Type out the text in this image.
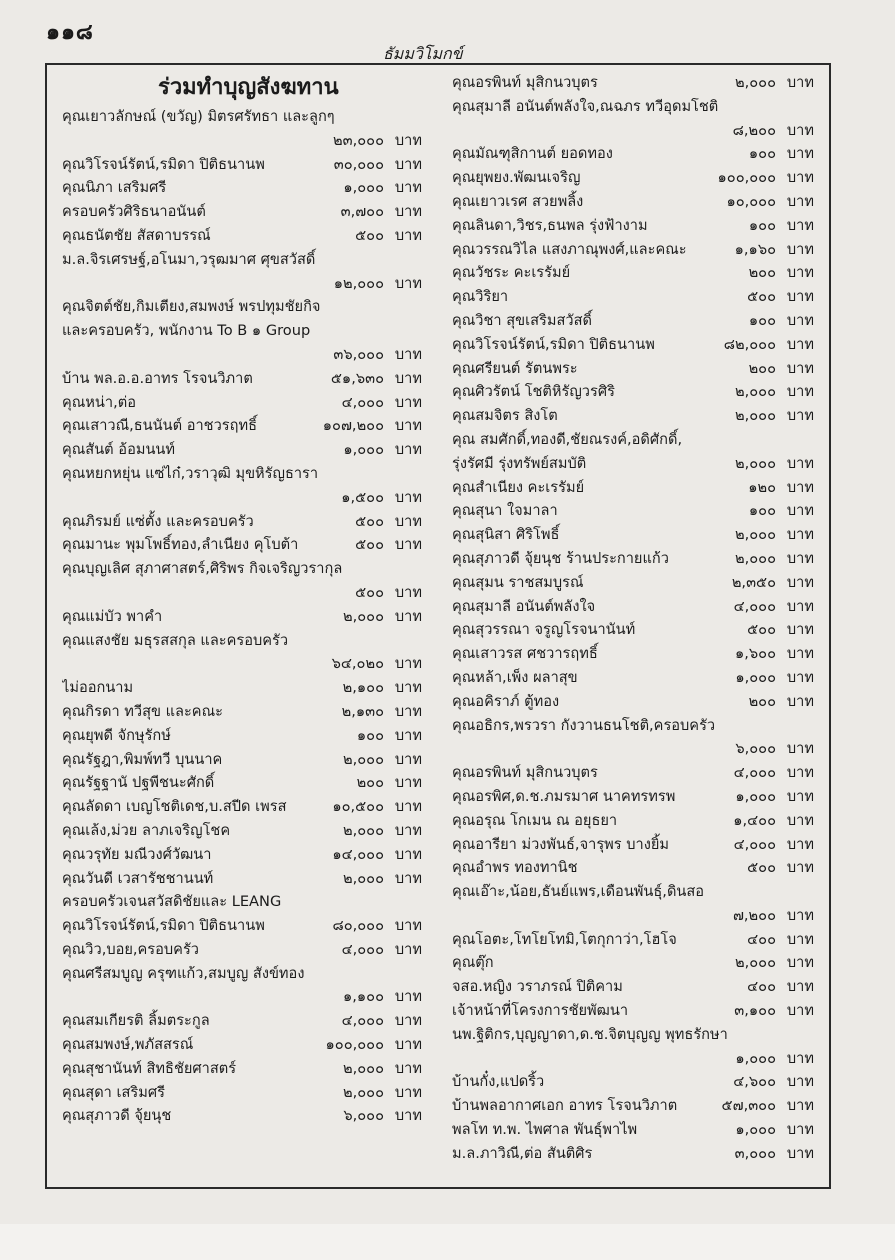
๑๑๘
ธัมมวิโมกข์
ร่วมทำบุญสังฆทาน
คุณเยาวลักษณ์ (ขวัญ) มิตรศรัทธา และลูกๆ
๒๓,๐๐๐ บาท
คุณวิโรจน์รัตน์,รมิดา ปิติธนานพ	๓๐,๐๐๐ บาท
คุณนิภา เสริมศรี	๑,๐๐๐ บาท
ครอบครัวศิริธนาอนันต์	๓,๗๐๐ บาท
คุณธนัตชัย สัสดาบรรณ์	๕๐๐ บาท
ม.ล.จิรเศรษฐ์,อโนมา,วรุฒมาศ ศุขสวัสดิ์
๑๒,๐๐๐ บาท
คุณจิตต์ชัย,กิมเตียง,สมพงษ์ พรปทุมชัยกิจ
และครอบครัว, พนักงาน To B ๑ Group
๓๖,๐๐๐ บาท
บ้าน พล.อ.อ.อาทร โรจนวิภาต	๕๑,๖๓๐ บาท
คุณหน่า,ต่อ	๔,๐๐๐ บาท
คุณเสาวณี,ธนนันต์ อาชวรฤทธิ์	๑๐๗,๒๐๐ บาท
คุณสันต์ อ้อมนนท์	๑,๐๐๐ บาท
คุณหยกหยุ่น แซ่ไก๋,วราวุฒิ มุขหิรัญธารา
๑,๕๐๐ บาท
คุณภิรมย์ แซ่ตั้ง และครอบครัว	๕๐๐ บาท
คุณมานะ พุมโพธิ์ทอง,ลำเนียง คุโบต้า	๕๐๐ บาท
คุณบุญเลิศ สุภาศาสตร์,ศิริพร กิจเจริญวรากุล
๕๐๐ บาท
คุณแม่บัว พาคำ	๒,๐๐๐ บาท
คุณแสงชัย มธุรสสกุล และครอบครัว
๖๔,๐๒๐ บาท
ไม่ออกนาม	๒,๑๐๐ บาท
คุณกิรดา ทวีสุข และคณะ	๒,๑๓๐ บาท
คุณยุพดี จักษุรักษ์	๑๐๐ บาท
คุณรัฐฎา,พิมพ์ทวี บุนนาค	๒,๐๐๐ บาท
คุณรัฐฐานั ปฐพีชนะศักดิ์	๒๐๐ บาท
คุณลัดดา เบญโชติเดช,บ.สปีด เพรส	๑๐,๕๐๐ บาท
คุณเล้ง,ม่วย ลาภเจริญโชค	๒,๐๐๐ บาท
คุณวรุทัย มณีวงศ์วัฒนา	๑๔,๐๐๐ บาท
คุณวันดี เวสารัชชานนท์	๒,๐๐๐ บาท
ครอบครัวเจนสวัสดิชัยและ LEANG
คุณวิโรจน์รัตน์,รมิดา ปิติธนานพ	๘๐,๐๐๐ บาท
คุณวิว,บอย,ครอบครัว	๔,๐๐๐ บาท
คุณศรีสมบูญ ครุฑแก้ว,สมบูญ สังข์ทอง
๑,๑๐๐ บาท
คุณสมเกียรติ ลิ้มตระกูล	๔,๐๐๐ บาท
คุณสมพงษ์,พภัสสรณ์	๑๐๐,๐๐๐ บาท
คุณสุชานันท์ สิทธิชัยศาสตร์	๒,๐๐๐ บาท
คุณสุดา เสริมศรี	๒,๐๐๐ บาท
คุณสุภาวดี จุ้ยนุช	๖,๐๐๐ บาท
คุณอรพินท์ มุสิกนวบุตร	๒,๐๐๐ บาท
คุณสุมาลี อนันต์พลังใจ,ณฉภร ทวีอุดมโชติ
๘,๒๐๐ บาท
คุณมัณฑุสิกานต์ ยอดทอง	๑๐๐ บาท
คุณยุพยง.พัฒนเจริญ	๑๐๐,๐๐๐ บาท
คุณเยาวเรศ สวยพลิ้ง	๑๐,๐๐๐ บาท
คุณลินดา,วิชร,ธนพล รุ่งฟ้างาม	๑๐๐ บาท
คุณวรรณวิไล แสงภาณุพงศ์,และคณะ	๑,๑๖๐ บาท
คุณวัชระ คะเรรัมย์	๒๐๐ บาท
คุณวิริยา	๕๐๐ บาท
คุณวิชา สุขเสริมสวัสดิ์	๑๐๐ บาท
คุณวิโรจน์รัตน์,รมิดา ปิติธนานพ	๘๒,๐๐๐ บาท
คุณศรียนต์ รัตนพระ	๒๐๐ บาท
คุณศิวรัตน์ โชติหิรัญวรศิริ	๒,๐๐๐ บาท
คุณสมจิตร สิงโต	๒,๐๐๐ บาท
คุณ สมศักดิ์,ทองดี,ชัยณรงค์,อดิศักดิ์,
รุ่งรัศมี รุ่งทรัพย์สมบัติ	๒,๐๐๐ บาท
คุณสำเนียง คะเรรัมย์	๑๒๐ บาท
คุณสุนา ใจมาลา	๑๐๐ บาท
คุณสุนิสา ศิริโพธิ์	๒,๐๐๐ บาท
คุณสุภาวดี จุ้ยนุช ร้านประกายแก้ว	๒,๐๐๐ บาท
คุณสุมน ราชสมบูรณ์	๒,๓๕๐ บาท
คุณสุมาลี อนันต์พลังใจ	๔,๐๐๐ บาท
คุณสุวรรณา จรูญโรจนานันท์	๕๐๐ บาท
คุณเสาวรส ศชวารฤทธิ์	๑,๖๐๐ บาท
คุณหล้า,เพ็ง ผลาสุข	๑,๐๐๐ บาท
คุณอคิราภ์ ตู้ทอง	๒๐๐ บาท
คุณอธิกร,พรวรา กังวานธนโชติ,ครอบครัว
๖,๐๐๐ บาท
คุณอรพินท์ มุสิกนวบุตร	๔,๐๐๐ บาท
คุณอรพิศ,ด.ช.ภมรมาศ นาคทรทรพ	๑,๐๐๐ บาท
คุณอรุณ โกเมน ณ อยุธยา	๑,๔๐๐ บาท
คุณอารียา ม่วงพันธ์,จารุพร บางยิ้ม	๔,๐๐๐ บาท
คุณอำพร ทองทานิช	๕๐๐ บาท
คุณเอ๊าะ,น้อย,ธันย์แพร,เดือนพันธุ์,ดินสอ
๗,๒๐๐ บาท
คุณโอตะ,โทโยโทมิ,โตกุกาว่า,โฮโจ	๔๐๐ บาท
คุณตุ๊ก	๒,๐๐๐ บาท
จสอ.หญิง วราภรณ์ ปิติคาม	๔๐๐ บาท
เจ้าหน้าที่โครงการชัยพัฒนา	๓,๑๐๐ บาท
นพ.ฐิติกร,บุญญาดา,ด.ช.จิตบุญญ พุทธรักษา
๑,๐๐๐ บาท
บ้านกั๋ง,แปดริ้ว	๔,๖๐๐ บาท
บ้านพลอากาศเอก อาทร โรจนวิภาต	๕๗,๓๐๐ บาท
พลโท ท.พ. ไพศาล พันธุ์พาไพ	๑,๐๐๐ บาท
ม.ล.ภาวิณี,ต่อ สันติศิร	๓,๐๐๐ บาท
